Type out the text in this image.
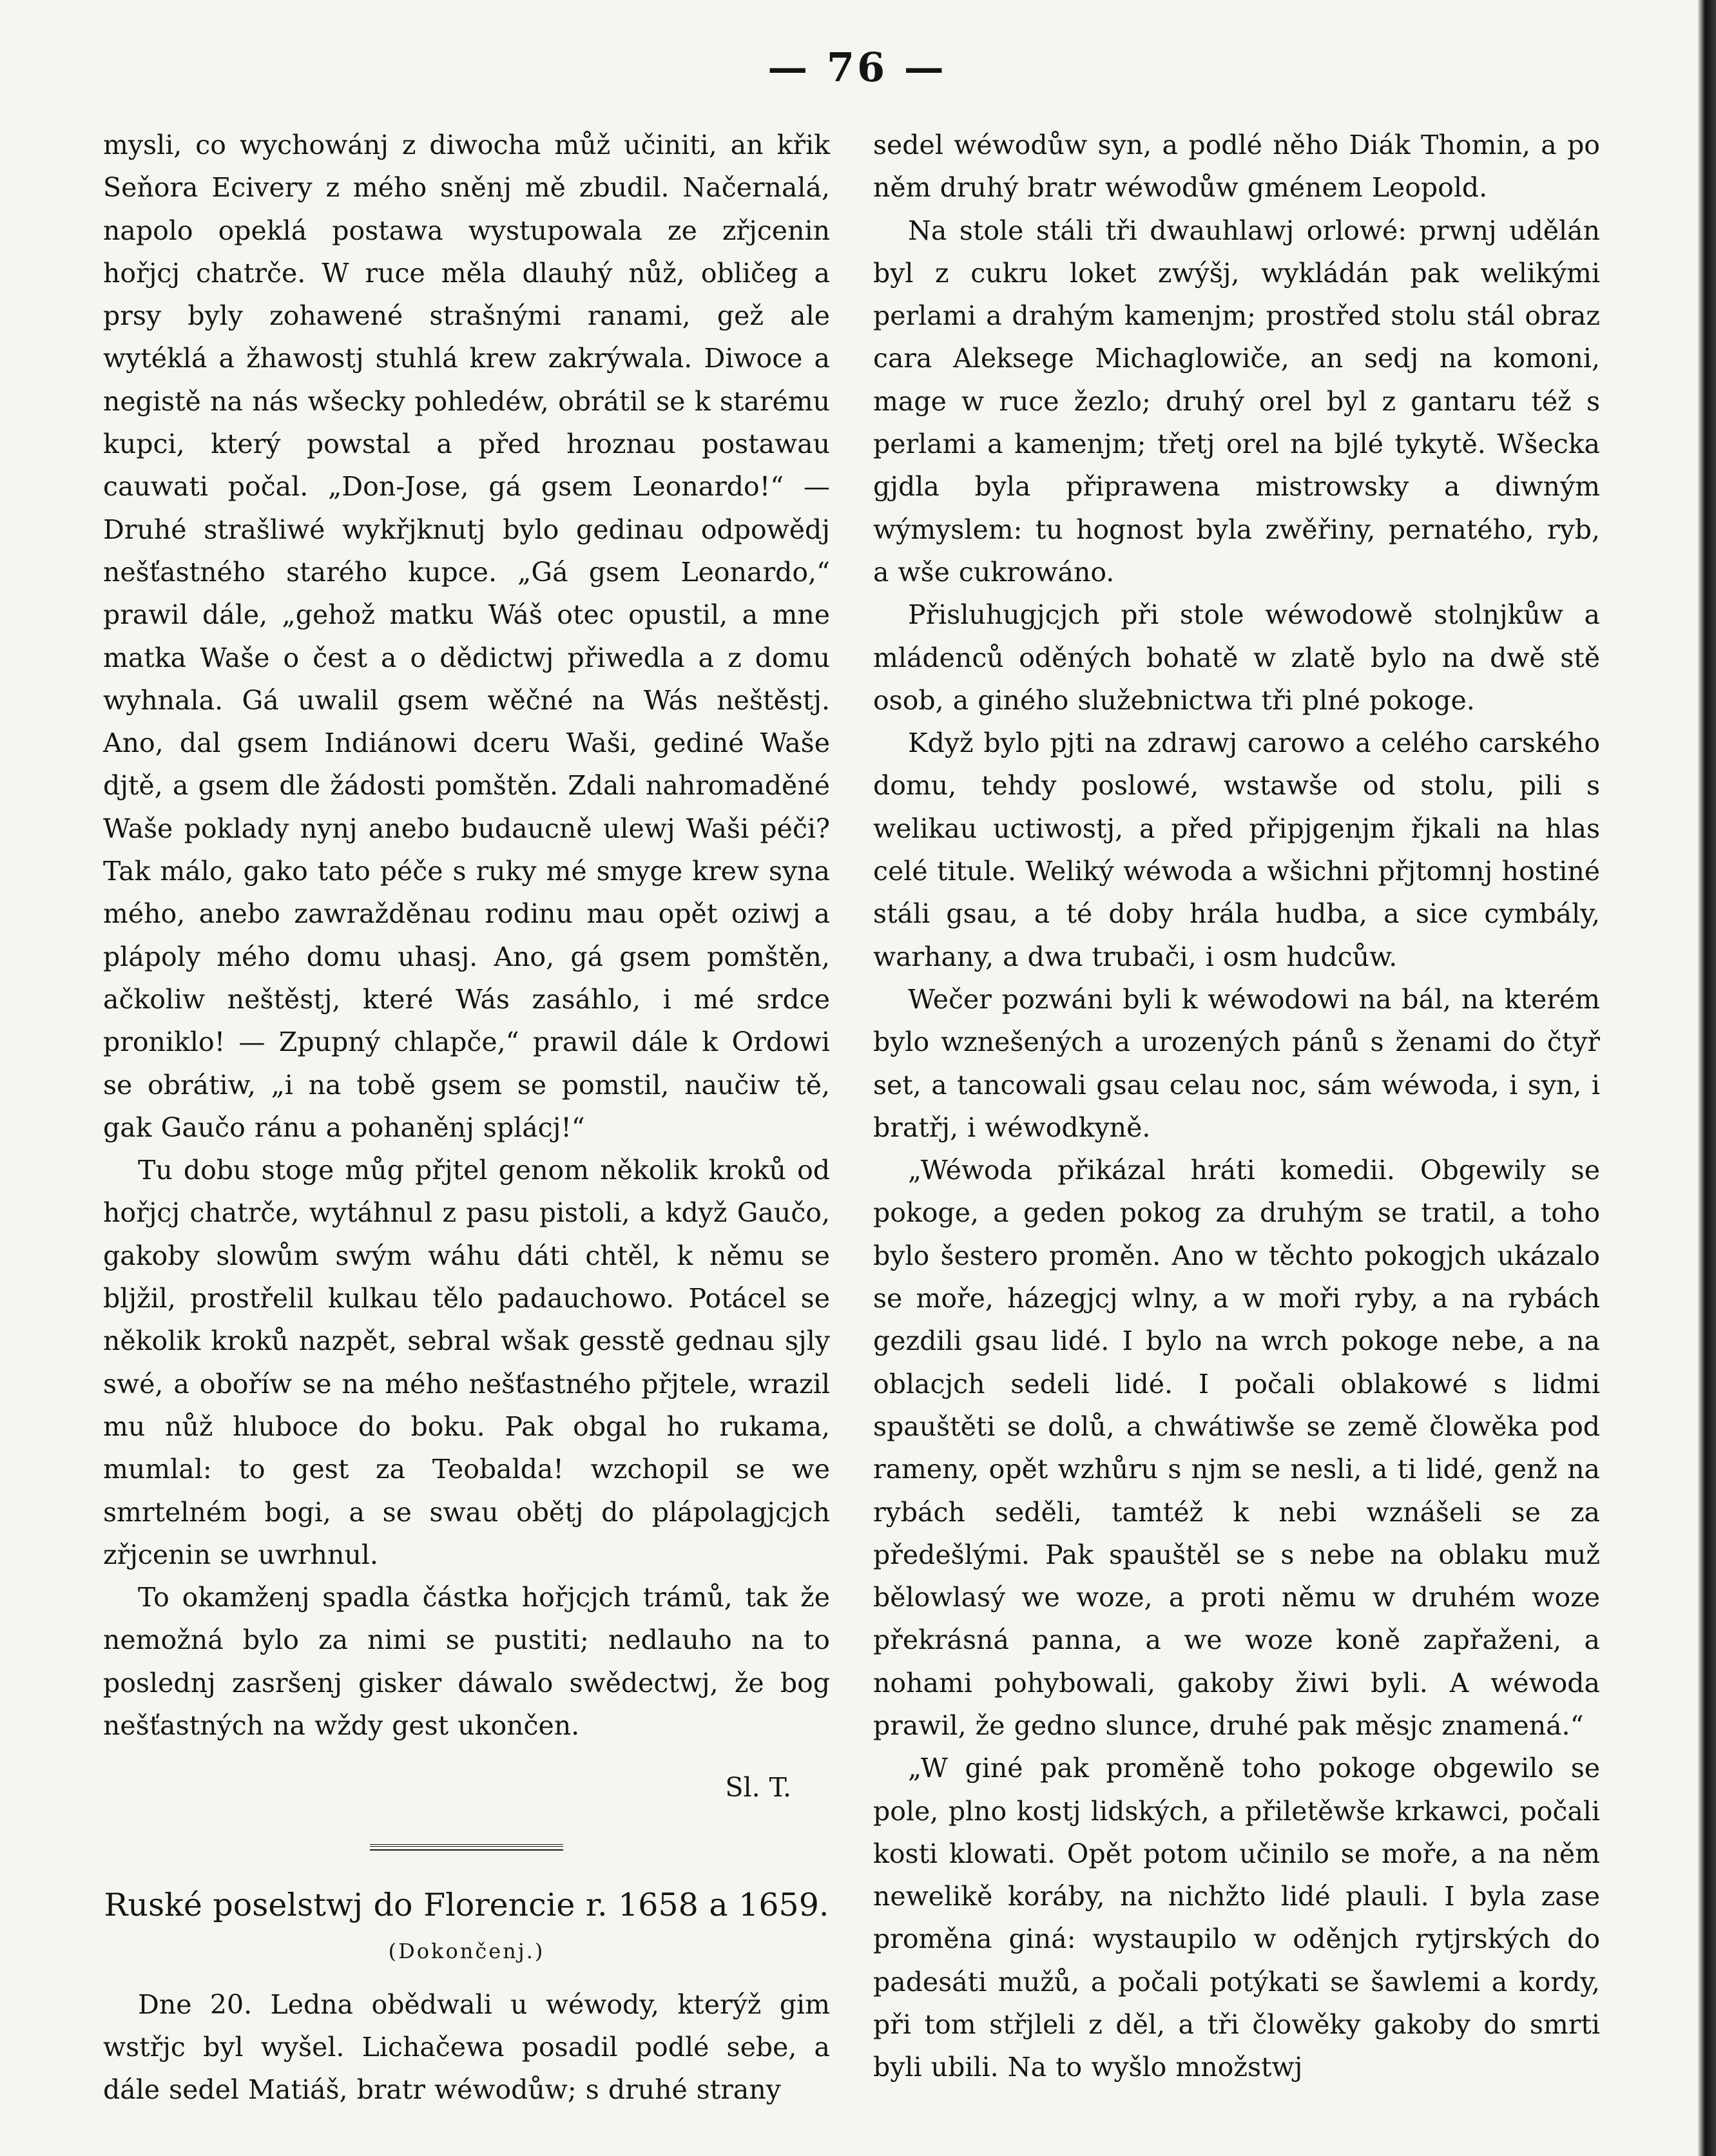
— 76 —

mysli, co wychowánj z diwocha můž učiniti, an křik Seňora Ecivery z mého sněnj mě zbudil. Načernalá, napolo opeklá postawa wystupowala ze zřjcenin hořjcj chatrče. W ruce měla dlauhý nůž, obličeg a prsy byly zohawené strašnými ranami, gež ale wytéklá a žhawostj stuhlá krew zakrýwala. Diwoce a negistě na nás wšecky pohledéw, obrátil se k starému kupci, který powstal a před hroznau postawau cauwati počal. „Don-Jose, gá gsem Leonardo!“ — Druhé strašliwé wykřjknutj bylo gedinau odpowědj nešťastného starého kupce. „Gá gsem Leonardo,“ prawil dále, „gehož matku Wáš otec opustil, a mne matka Waše o čest a o dědictwj přiwedla a z domu wyhnala. Gá uwalil gsem wěčné na Wás neštěstj. Ano, dal gsem Indiánowi dceru Waši, gediné Waše djtě, a gsem dle žádosti pomštěn. Zdali nahromaděné Waše poklady nynj anebo budaucně ulewj Waši péči? Tak málo, gako tato péče s ruky mé smyge krew syna mého, anebo zawražděnau rodinu mau opět oziwj a plápoly mého domu uhasj. Ano, gá gsem pomštěn, ačkoliw neštěstj, které Wás zasáhlo, i mé srdce proniklo! — Zpupný chlapče,“ prawil dále k Ordowi se obrátiw, „i na tobě gsem se pomstil, naučiw tě, gak Gaučo ránu a pohaněnj splácj!“

Tu dobu stoge můg přjtel genom několik kroků od hořjcj chatrče, wytáhnul z pasu pistoli, a když Gaučo, gakoby slowům swým wáhu dáti chtěl, k němu se blјžil, prostřelil kulkau tělo padauchowo. Potácel se několik kroků nazpět, sebral wšak gesstě gednau sjly swé, a oboříw se na mého nešťastného přjtele, wrazil mu nůž hluboce do boku. Pak obgal ho rukama, mumlal: to gest za Teobalda! wzchopil se we smrtelném bogi, a se swau obětj do plápolagjcjch zřjcenin se uwrhnul.

To okamženj spadla částka hořjcjch trámů, tak že nemožná bylo za nimi se pustiti; nedlauho na to poslednj zasršenj gisker dáwalo swědectwj, že bog nešťastných na wždy gest ukončen.

Sl. T.

Ruské poselstwj do Florencie r. 1658 a 1659.

(Dokončenj.)

Dne 20. Ledna obědwali u wéwody, kterýž gim wstřjc byl wyšel. Lichačewa posadil podlé sebe, a dále sedel Matiáš, bratr wéwodůw; s druhé strany

sedel wéwodůw syn, a podlé něho Diák Thomin, a po něm druhý bratr wéwodůw gménem Leopold.

Na stole stáli tři dwauhlawj orlowé: prwnj udělán byl z cukru loket zwýšj, wykládán pak welikými perlami a drahým kamenjm; prostřed stolu stál obraz cara Aleksege Michaglowiče, an sedj na komoni, mage w ruce žezlo; druhý orel byl z gantaru též s perlami a kamenjm; třetj orel na bjlé tykytě. Wšecka gjdla byla připrawena mistrowsky a diwným wýmyslem: tu hognost byla zwěřiny, pernatého, ryb, a wše cukrowáno.

Přisluhugjcjch při stole wéwodowě stolnjkůw a mládenců oděných bohatě w zlatě bylo na dwě stě osob, a giného služebnictwa tři plné pokoge.

Když bylo pjti na zdrawj carowo a celého carského domu, tehdy poslowé, wstawše od stolu, pili s welikau uctiwostj, a před připjgenjm řjkali na hlas celé titule. Weliký wéwoda a wšichni přjtomnj hostiné stáli gsau, a té doby hrála hudba, a sice cymbály, warhany, a dwa trubači, i osm hudcůw.

Wečer pozwáni byli k wéwodowi na bál, na kterém bylo wznešených a urozených pánů s ženami do čtyř set, a tancowali gsau celau noc, sám wéwoda, i syn, i bratřj, i wéwodkyně.

„Wéwoda přikázal hráti komedii. Obgewily se pokoge, a geden pokog za druhým se tratil, a toho bylo šestero proměn. Ano w těchto pokogjch ukázalo se moře, házegjcj wlny, a w moři ryby, a na rybách gezdili gsau lidé. I bylo na wrch pokoge nebe, a na oblacjch sedeli lidé. I počali oblakowé s lidmi spauštěti se dolů, a chwátiwše se země člowěka pod rameny, opět wzhůru s njm se nesli, a ti lidé, genž na rybách seděli, tamtéž k nebi wznášeli se za předešlými. Pak spauštěl se s nebe na oblaku muž bělowlasý we woze, a proti němu w druhém woze překrásná panna, a we woze koně zapřaženi, a nohami pohybowali, gakoby žiwi byli. A wéwoda prawil, že gedno slunce, druhé pak měsjc znamená.“

„W giné pak proměně toho pokoge obgewilo se pole, plno kostj lidských, a přiletěwše krkawci, počali kosti klowati. Opět potom učinilo se moře, a na něm newelikě koráby, na nichžto lidé plauli. I byla zase proměna giná: wystaupilo w oděnjch rytjrských do padesáti mužů, a počali potýkati se šawlemi a kordy, při tom střjleli z děl, a tři člowěky gakoby do smrti byli ubili. Na to wyšlo množstwj
